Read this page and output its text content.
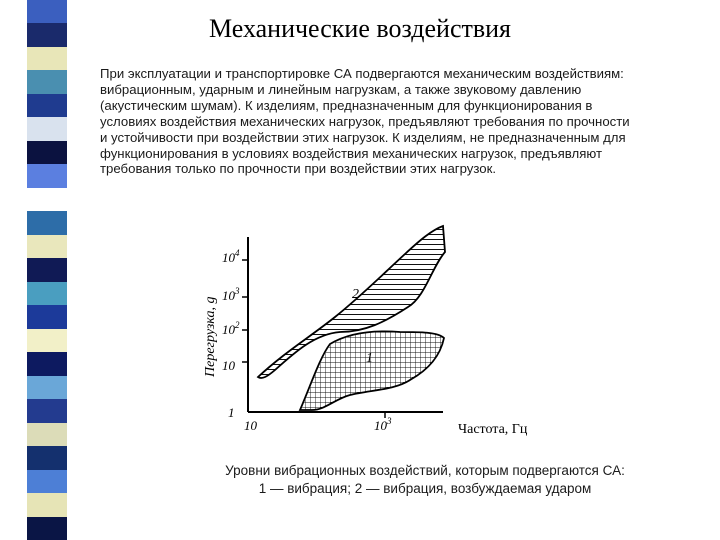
Механические воздействия
При эксплуатации и транспортировке СА подвергаются механическим воздействиям:
вибрационным, ударным и линейным нагрузкам, а также звуковому давлению
(акустическим шумам). К изделиям, предназначенным для функционирования в
условиях воздействия механических нагрузок, предъявляют требования по прочности
и устойчивости при воздействии этих нагрузок. К изделиям, не предназначенным для
функционирования в условиях воздействия механических нагрузок, предъявляют
требования только по прочности при воздействии этих нагрузок.
2
1
1
10
$10^2$
$10^3$
$10^4$
10	$10^3$
Перегрузка, g
Частота, Гц
Уровни вибрационных воздействий, которым подвергаются СА:
1 — вибрация; 2 — вибрация, возбуждаемая ударом
